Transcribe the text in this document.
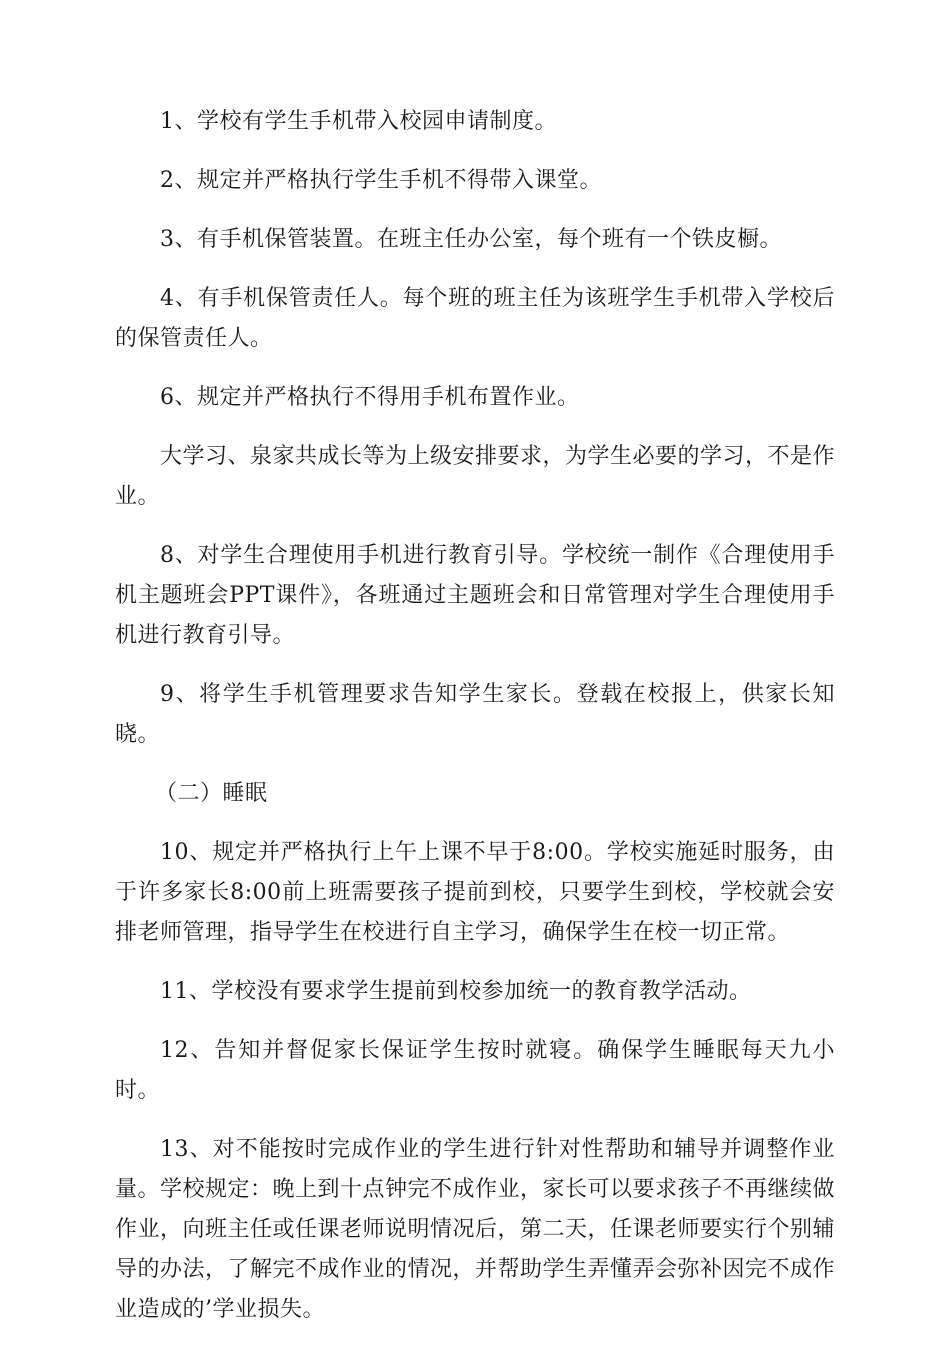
1、学校有学生手机带入校园申请制度。

2、规定并严格执行学生手机不得带入课堂。

3、有手机保管装置。在班主任办公室，每个班有一个铁皮橱。

4、有手机保管责任人。每个班的班主任为该班学生手机带入学校后的保管责任人。

6、规定并严格执行不得用手机布置作业。

大学习、泉家共成长等为上级安排要求，为学生必要的学习，不是作业。

8、对学生合理使用手机进行教育引导。学校统一制作《合理使用手机主题班会PPT课件》，各班通过主题班会和日常管理对学生合理使用手机进行教育引导。

9、将学生手机管理要求告知学生家长。登载在校报上，供家长知晓。

（二）睡眠

10、规定并严格执行上午上课不早于8:00。学校实施延时服务，由于许多家长8:00前上班需要孩子提前到校，只要学生到校，学校就会安排老师管理，指导学生在校进行自主学习，确保学生在校一切正常。

11、学校没有要求学生提前到校参加统一的教育教学活动。

12、告知并督促家长保证学生按时就寝。确保学生睡眠每天九小时。

13、对不能按时完成作业的学生进行针对性帮助和辅导并调整作业量。学校规定：晚上到十点钟完不成作业，家长可以要求孩子不再继续做作业，向班主任或任课老师说明情况后，第二天，任课老师要实行个别辅导的办法，了解完不成作业的情况，并帮助学生弄懂弄会弥补因完不成作业造成的’学业损失。
